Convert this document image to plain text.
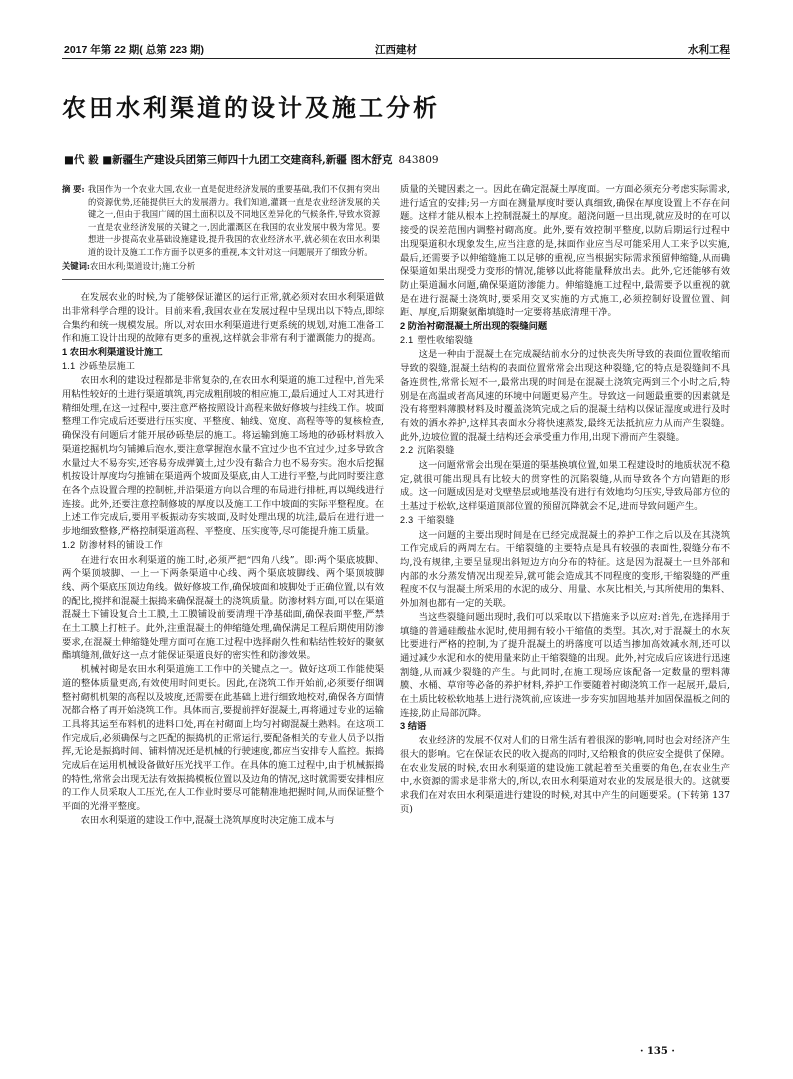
2017 年第 22 期( 总第 223 期)	江西建材	水利工程
农田水利渠道的设计及施工分析
■代 毅 ■新疆生产建设兵团第三师四十九团工交建商科,新疆 图木舒克 843809

摘 要: 我国作为一个农业大国,农业一直是促进经济发展的重要基础,我们不仅拥有突出的资源优势,还能提供巨大的发展潜力。我们知道,灌溉一直是农业经济发展的关键之一,但由于我国广阔的国土面积以及不同地区差异化的气候条件,导致水资源一直是农业经济发展的关键之一,因此灌溉区在我国的农业发展中极为常见。要想进一步提高农业基础设施建设,提升我国的农业经济水平,就必须在农田水利渠道的设计及施工工作方面予以更多的重视,本文针对这一问题展开了细致分析。

关键词:农田水利;渠道设计;施工分析

在发展农业的时候,为了能够保证灌区的运行正常,就必须对农田水利渠道做出非常科学合理的设计。目前来看,我国农业在发展过程中呈现出以下特点,即综合集约和统一规模发展。所以,对农田水利渠道进行更系统的规划,对施工准备工作和施工设计出现的故障有更多的重视,这样就会非常有利于灌溉能力的提高。

1 农田水利渠道设计施工
1.1 沙砾垫层施工

农田水利的建设过程都是非常复杂的,在农田水利渠道的施工过程中,首先采用粘性较好的土进行渠道填筑,再完成粗削坡的相应施工,最后通过人工对其进行精细处理,在这一过程中,要注意严格按照设计高程来做好修坡与挂线工作。坡面整理工作完成后还要进行压实度、平整度、轴线、宽度、高程等等的复核检查,确保没有问题后才能开展砂砾垫层的施工。将运输到施工场地的砂砾材料放入渠道挖掘机均匀铺摊后泡水,要注意掌握泡水量不宜过少也不宜过少,过多导致含水量过大不易夯实,还容易夯成弹簧土,过少没有黏合力也不易夯实。泡水后挖掘机按设计厚度均匀推铺在渠道两个坡面及渠底,由人工进行平整,与此同时要注意在各个点设置合理的控制桩,并沿渠道方向以合理的布局进行排桩,再以绳线进行连接。此外,还要注意控制修坡的厚度以及施工工作中坡面的实际平整程度。在上述工作完成后,要用平板振动夯实坡面,及时处理出现的坑洼,最后在进行进一步地细致整修,严格控制渠道高程、平整度、压实度等,尽可能提升施工质量。

1.2 防渗材料的铺设工作

在进行农田水利渠道的施工时,必须严把“四角八线”。即:两个渠底坡脚、两个渠顶坡脚、一上一下两条渠道中心线、两个渠底坡脚线、两个渠顶坡脚线、两个渠底压顶边角线。做好修坡工作,确保坡面和坡脚处于正确位置,以有效的配比,搅拌和混凝土振捣来确保混凝土的浇筑质量。防渗材料方面,可以在渠道混凝土下铺设复合土工膜,土工膜铺设前要清理干净基础面,确保表面平整,严禁在土工膜上打桩子。此外,注重混凝土的伸缩缝处理,确保满足工程后期使用防渗要求,在混凝土伸缩缝处理方面可在施工过程中选择耐久性和粘结性较好的聚氨酯填缝剂,做好这一点才能保证渠道良好的密实性和防渗效果。

机械衬砌是农田水利渠道施工工作中的关键点之一。做好这项工作能使渠道的整体质量更高,有效使用时间更长。因此,在浇筑工作开始前,必须要仔细调整衬砌机机架的高程以及坡度,还需要在此基础上进行细致地校对,确保各方面情况都合格了再开始浇筑工作。具体而言,要提前拌好混凝土,再将通过专业的运输工具将其运至布料机的进料口处,再在衬砌面上均匀衬砌混凝土熟料。在这项工作完成后,必须确保与之匹配的振捣机的正常运行,要配备相关的专业人员予以指挥,无论是振捣时间、铺料情况还是机械的行驶速度,都应当安排专人监控。振捣完成后在运用机械设备做好压光找平工作。在具体的施工过程中,由于机械振捣的特性,常常会出现无法有效振捣模板位置以及边角的情况,这时就需要安排相应的工作人员采取人工压光,在人工作业时要尽可能精准地把握时间,从而保证整个平面的光滑平整度。

农田水利渠道的建设工作中,混凝土浇筑厚度时决定施工成本与

质量的关键因素之一。因此在确定混凝土厚度面。一方面必须充分考虑实际需求,进行适宜的安排;另一方面在测量厚度时要认真细致,确保在厚度设置上不存在问题。这样才能从根本上控制混凝土的厚度。超浇问题一旦出现,就应及时的在可以接受的误差范围内调整衬砌高度。此外,要有效控制平整度,以防后期运行过程中出现渠道积水现象发生,应当注意的是,抹面作业应当尽可能采用人工来予以实施,最后,还需要予以伸缩缝施工以足够的重视,应当根据实际需求预留伸缩缝,从而确保渠道如果出现受力变形的情况,能够以此将能量释放出去。此外,它还能够有效防止渠道漏水问题,确保渠道防渗能力。伸缩缝施工过程中,最需要予以重视的就是在进行混凝土浇筑时,要采用交叉实施的方式施工,必须控制好设置位置、间距、厚度,后期聚氨酯填缝时一定要将基底清理干净。

2 防治衬砌混凝土所出现的裂缝问题
2.1 塑性收缩裂缝

这是一种由于混凝土在完成凝结前水分的过快丧失所导致的表面位置收缩而导致的裂缝,混凝土结构的表面位置常常会出现这种裂缝,它的特点是裂缝间不具备连贯性,常常长短不一,最常出现的时间是在混凝土浇筑完两到三个小时之后,特别是在高温或者高风速的环境中问题更易产生。导致这一问题最重要的因素就是没有将塑料薄膜材料及时覆盖浇筑完成之后的混凝土结构以保证湿度或进行及时有效的洒水养护,这样其表面水分将快速蒸发,最终无法抵抗应力从而产生裂缝。此外,边坡位置的混凝土结构还会承受重力作用,出现下滑而产生裂缝。

2.2 沉陷裂缝

这一问题常常会出现在渠道的渠基换填位置,如果工程建设时的地质状况不稳定,就很可能出现具有比较大的贯穿性的沉陷裂缝,从而导致各个方向错距的形成。这一问题成因是对戈壁垫层或地基没有进行有效地均匀压实,导致局部方位的土基过于松软,这样渠道顶部位置的预留沉降就会不足,进而导致问题产生。

2.3 干缩裂缝

这一问题的主要出现时间是在已经完成混凝土的养护工作之后以及在其浇筑工作完成后的两周左右。干缩裂缝的主要特点是具有较强的表面性,裂缝分布不均,没有规律,主要呈显现出斜短边方向分布的特征。这是因为混凝土一旦外部和内部的水分蒸发情况出现差异,就可能会造成其不同程度的变形,干缩裂缝的严重程度不仅与混凝土所采用的水泥的成分、用量、水灰比相关,与其所使用的集料、外加剂也都有一定的关联。

当这些裂缝问题出现时,我们可以采取以下措施来予以应对:首先,在选择用于填缝的普通硅酸盐水泥时,使用拥有较小干缩值的类型。其次,对于混凝土的水灰比要进行严格的控制,为了提升混凝土的坍落度可以适当掺加高效减水剂,还可以通过减少水泥和水的使用量来防止干缩裂缝的出现。此外,衬完成后应该进行迅速割缝,从而减少裂缝的产生。与此同时,在施工现场应该配备一定数量的塑料薄膜、水桶、草帘等必备的养护材料,养护工作要随着衬砌浇筑工作一起展开,最后,在土质比较松软地基上进行浇筑前,应该进一步夯实加固地基并加固保温板之间的连接,防止局部沉降。

3 结语

农业经济的发展不仅对人们的日常生活有着很深的影响,同时也会对经济产生很大的影响。它在保证农民的收入提高的同时,又给粮食的供应安全提供了保障。在农业发展的时候,农田水利渠道的建设施工就起着至关重要的角色,在农业生产中,水资源的需求是非常大的,所以,农田水利渠道对农业的发展是很大的。这就要求我们在对农田水利渠道进行建设的时候,对其中产生的问题要采。(下转第 137 页)

· 135 ·
